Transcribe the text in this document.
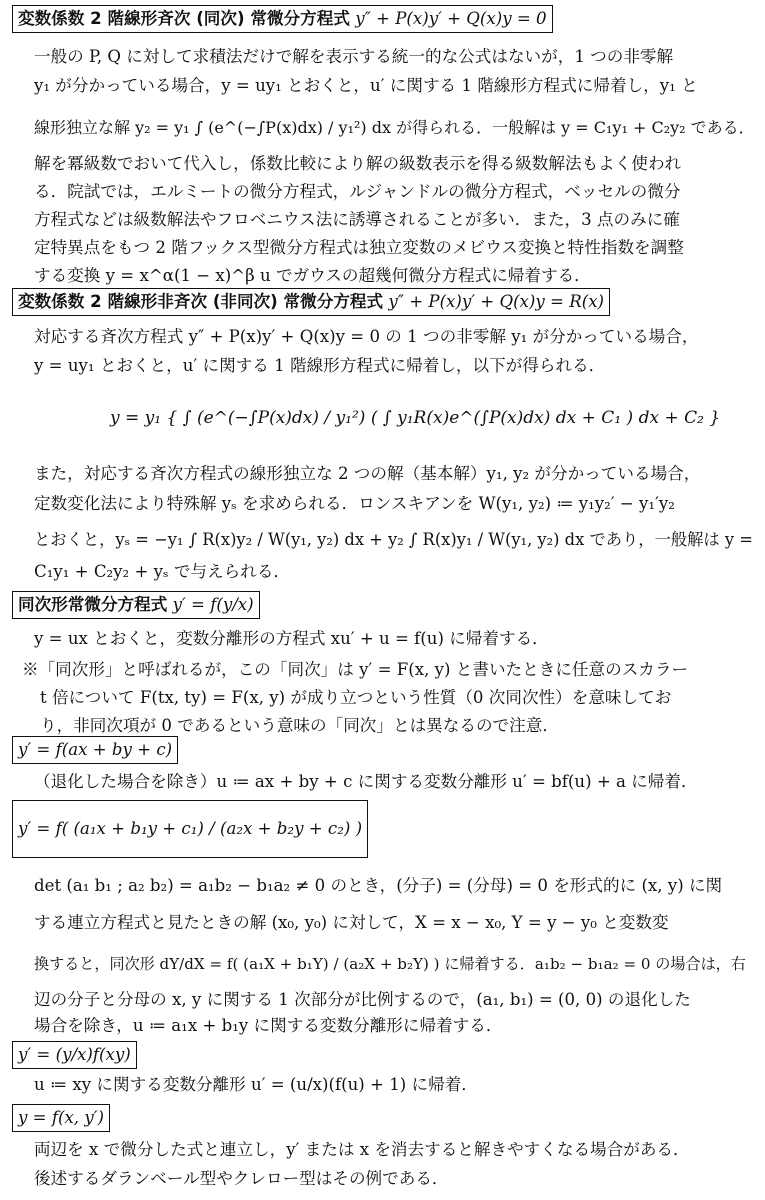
変数係数 2 階線形斉次 (同次) 常微分方程式 y″ + P(x)y′ + Q(x)y = 0
一般の P, Q に対して求積法だけで解を表示する統一的な公式はないが，1 つの非零解
y₁ が分かっている場合，y = uy₁ とおくと，u′ に関する 1 階線形方程式に帰着し，y₁ と
線形独立な解 y₂ = y₁ ∫ (e^(−∫P(x)dx) / y₁²) dx が得られる．一般解は y = C₁y₁ + C₂y₂ である．
解を冪級数でおいて代入し，係数比較により解の級数表示を得る級数解法もよく使われ
る．院試では，エルミートの微分方程式，ルジャンドルの微分方程式，ベッセルの微分
方程式などは級数解法やフロベニウス法に誘導されることが多い．また，3 点のみに確
定特異点をもつ 2 階フックス型微分方程式は独立変数のメビウス変換と特性指数を調整
する変換 y = x^α(1 − x)^β u でガウスの超幾何微分方程式に帰着する．
変数係数 2 階線形非斉次 (非同次) 常微分方程式 y″ + P(x)y′ + Q(x)y = R(x)
対応する斉次方程式 y″ + P(x)y′ + Q(x)y = 0 の 1 つの非零解 y₁ が分かっている場合，
y = uy₁ とおくと，u′ に関する 1 階線形方程式に帰着し，以下が得られる．
y = y₁ { ∫ (e^(−∫P(x)dx) / y₁²) ( ∫ y₁R(x)e^(∫P(x)dx) dx + C₁ ) dx + C₂ }
また，対応する斉次方程式の線形独立な 2 つの解（基本解）y₁, y₂ が分かっている場合，
定数変化法により特殊解 yₛ を求められる．ロンスキアンを W(y₁, y₂) ≔ y₁y₂′ − y₁′y₂
とおくと，yₛ = −y₁ ∫ R(x)y₂ / W(y₁, y₂) dx + y₂ ∫ R(x)y₁ / W(y₁, y₂) dx であり，一般解は y =
C₁y₁ + C₂y₂ + yₛ で与えられる．
同次形常微分方程式 y′ = f(y/x)
y = ux とおくと，変数分離形の方程式 xu′ + u = f(u) に帰着する．
※「同次形」と呼ばれるが，この「同次」は y′ = F(x, y) と書いたときに任意のスカラー
t 倍について F(tx, ty) = F(x, y) が成り立つという性質（0 次同次性）を意味してお
り，非同次項が 0 であるという意味の「同次」とは異なるので注意．
y′ = f(ax + by + c)
（退化した場合を除き）u ≔ ax + by + c に関する変数分離形 u′ = bf(u) + a に帰着．
y′ = f( (a₁x + b₁y + c₁) / (a₂x + b₂y + c₂) )
det (a₁ b₁ ; a₂ b₂) = a₁b₂ − b₁a₂ ≠ 0 のとき，(分子) = (分母) = 0 を形式的に (x, y) に関
する連立方程式と見たときの解 (x₀, y₀) に対して，X = x − x₀, Y = y − y₀ と変数変
換すると，同次形 dY/dX = f( (a₁X + b₁Y) / (a₂X + b₂Y) ) に帰着する．a₁b₂ − b₁a₂ = 0 の場合は，右
辺の分子と分母の x, y に関する 1 次部分が比例するので，(a₁, b₁) = (0, 0) の退化した
場合を除き，u ≔ a₁x + b₁y に関する変数分離形に帰着する．
y′ = (y/x)f(xy)
u ≔ xy に関する変数分離形 u′ = (u/x)(f(u) + 1) に帰着．
y = f(x, y′)
両辺を x で微分した式と連立し，y′ または x を消去すると解きやすくなる場合がある．
後述するダランベール型やクレロー型はその例である．
